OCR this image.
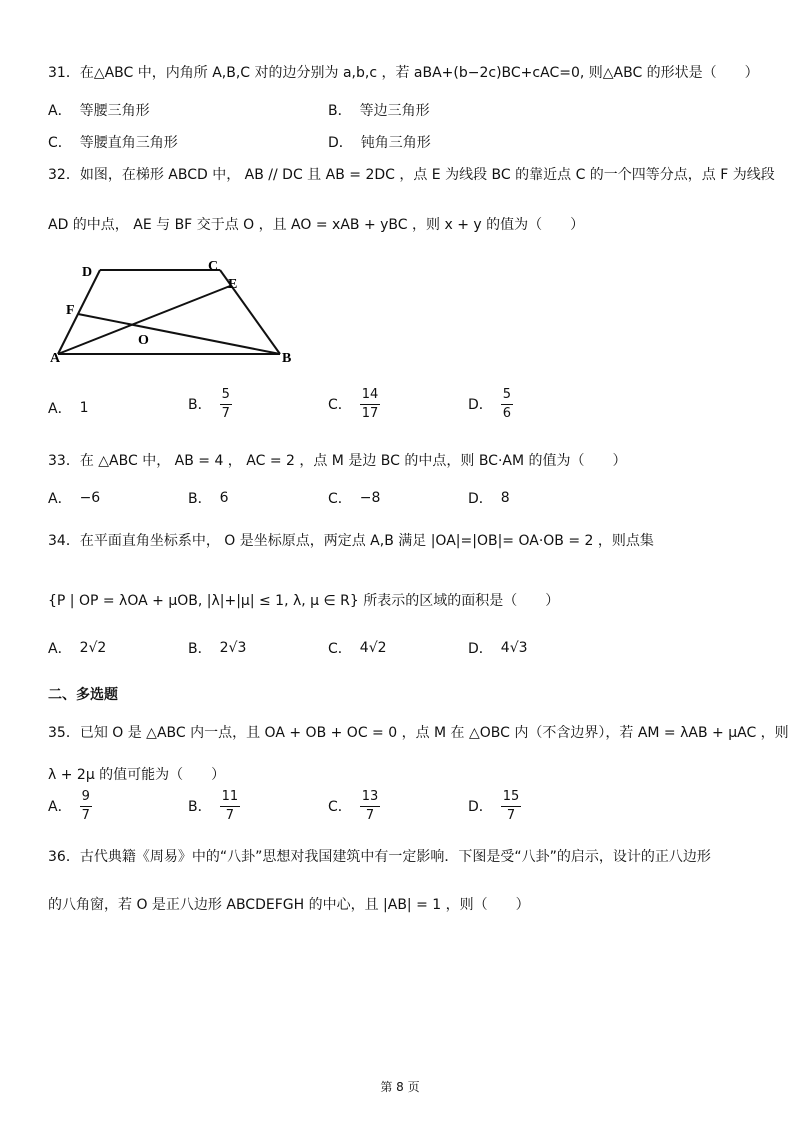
31．在△ABC 中，内角所 A,B,C 对的边分别为 a,b,c ，若 aBA+(b−2c)BC+cAC=0, 则△ABC 的形状是（　　）
A． 等腰三角形	B． 等边三角形
C． 等腰直角三角形	D． 钝角三角形
32．如图，在梯形 ABCD 中， AB // DC 且 AB = 2DC ，点 E 为线段 BC 的靠近点 C 的一个四等分点，点 F 为线段
AD 的中点， AE 与 BF 交于点 O ，且 AO = xAB + yBC ，则 x + y 的值为（　　）
D	C
E
F
O
A	B
A． 1	B． $\frac{5}{7}$	C． $\frac{14}{17}$	D． $\frac{5}{6}$
33．在 △ABC 中， AB = 4 ， AC = 2 ，点 M 是边 BC 的中点，则 BC·AM 的值为（　　）
A． −6	B． 6	C． −8	D． 8
34．在平面直角坐标系中， O 是坐标原点，两定点 A,B 满足 |OA|=|OB|= OA·OB = 2 ，则点集
{P | OP = λOA + μOB, |λ|+|μ| ≤ 1, λ, μ ∈ R} 所表示的区域的面积是（　　）
A． 2√2	B． 2√3	C． 4√2	D． 4√3
二、多选题
35．已知 O 是 △ABC 内一点，且 OA + OB + OC = 0 ，点 M 在 △OBC 内（不含边界），若 AM = λAB + μAC ，则
λ + 2μ 的值可能为（　　）
A． $\frac{9}{7}$	B． $\frac{11}{7}$	C． $\frac{13}{7}$	D． $\frac{15}{7}$
36．古代典籍《周易》中的“八卦”思想对我国建筑中有一定影响．下图是受“八卦”的启示，设计的正八边形
的八角窗，若 O 是正八边形 ABCDEFGH 的中心，且 |AB| = 1 ，则（　　）
第 8 页
